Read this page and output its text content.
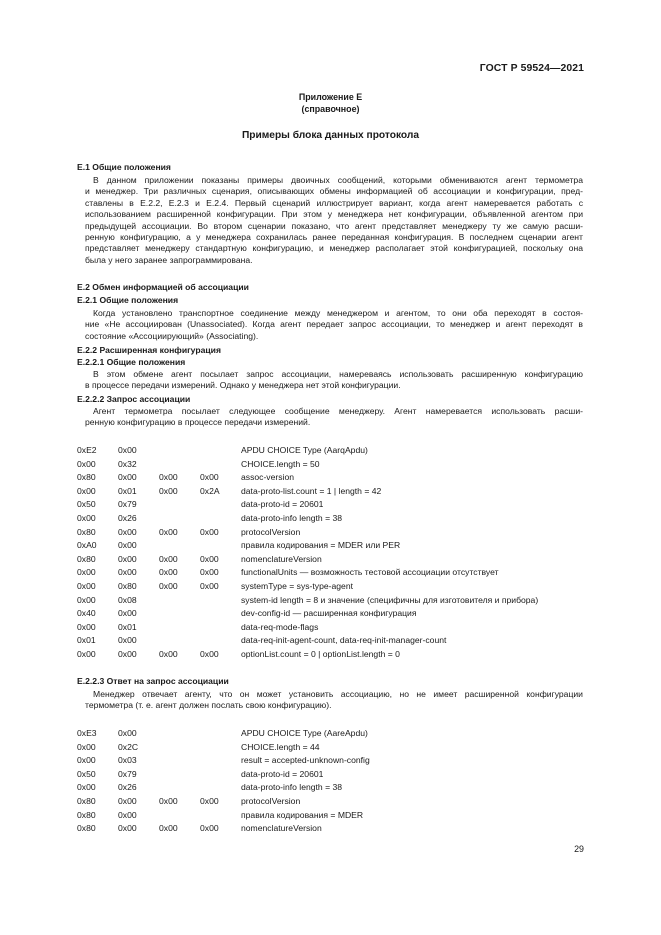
ГОСТ Р 59524—2021
Приложение Е
(справочное)
Примеры блока данных протокола
Е.1 Общие положения
В данном приложении показаны примеры двоичных сообщений, которыми обмениваются агент термометра
и менеджер. Три различных сценария, описывающих обмены информацией об ассоциации и конфигурации, пред-
ставлены в Е.2.2, Е.2.3 и Е.2.4. Первый сценарий иллюстрирует вариант, когда агент намеревается работать с
использованием расширенной конфигурации. При этом у менеджера нет конфигурации, объявленной агентом при
предыдущей ассоциации. Во втором сценарии показано, что агент представляет менеджеру ту же самую расши-
ренную конфигурацию, а у менеджера сохранилась ранее переданная конфигурация. В последнем сценарии агент
представляет менеджеру стандартную конфигурацию, и менеджер располагает этой конфигурацией, поскольку она
была у него заранее запрограммирована.
Е.2 Обмен информацией об ассоциации
Е.2.1 Общие положения
Когда установлено транспортное соединение между менеджером и агентом, то они оба переходят в состоя-
ние «Не ассоциирован (Unassociated). Когда агент передает запрос ассоциации, то менеджер и агент переходят в
состояние «Ассоциирующий» (Associating).
Е.2.2 Расширенная конфигурация
Е.2.2.1 Общие положения
В этом обмене агент посылает запрос ассоциации, намереваясь использовать расширенную конфигурацию
в процессе передачи измерений. Однако у менеджера нет этой конфигурации.
Е.2.2.2 Запрос ассоциации
Агент термометра посылает следующее сообщение менеджеру. Агент намеревается использовать расши-
ренную конфигурацию в процессе передачи измерений.
0xE2	0x00			APDU CHOICE Type (AarqApdu)
0x00	0x32			CHOICE.length = 50
0x80	0x00	0x00	0x00	assoc-version
0x00	0x01	0x00	0x2A	data-proto-list.count = 1 | length = 42
0x50	0x79			data-proto-id = 20601
0x00	0x26			data-proto-info length = 38
0x80	0x00	0x00	0x00	protocolVersion
0xA0	0x00			правила кодирования = MDER или PER
0x80	0x00	0x00	0x00	nomenclatureVersion
0x00	0x00	0x00	0x00	functionalUnits — возможность тестовой ассоциации отсутствует
0x00	0x80	0x00	0x00	systemType = sys-type-agent
0x00	0x08			system-id length = 8 и значение (специфичны для изготовителя и прибора)
0x40	0x00			dev-config-id — расширенная конфигурация
0x00	0x01			data-req-mode-flags
0x01	0x00			data-req-init-agent-count, data-req-init-manager-count
0x00	0x00	0x00	0x00	optionList.count = 0 | optionList.length = 0
Е.2.2.3 Ответ на запрос ассоциации
Менеджер отвечает агенту, что он может установить ассоциацию, но не имеет расширенной конфигурации
термометра (т. е. агент должен послать свою конфигурацию).
0xE3	0x00			APDU CHOICE Type (AareApdu)
0x00	0x2C			CHOICE.length = 44
0x00	0x03			result = accepted-unknown-config
0x50	0x79			data-proto-id = 20601
0x00	0x26			data-proto-info length = 38
0x80	0x00	0x00	0x00	protocolVersion
0x80	0x00			правила кодирования = MDER
0x80	0x00	0x00	0x00	nomenclatureVersion
29
